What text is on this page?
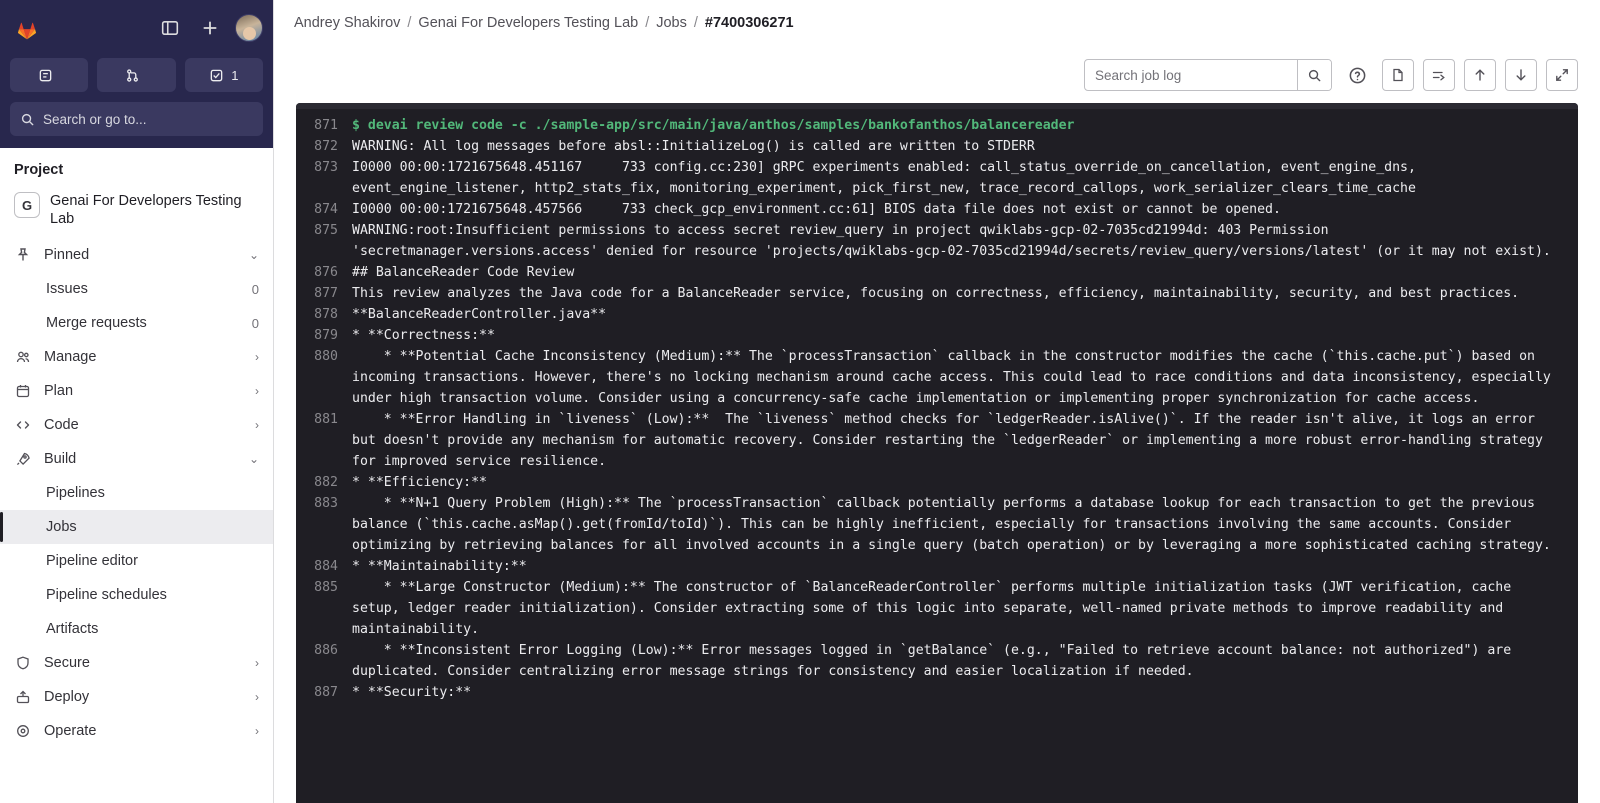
1
Search or go to...
Project
G	Genai For Developers Testing Lab
Pinned	⌄
Issues	0
Merge requests	0
Manage	›
Plan	›
Code	›
Build	⌄
Pipelines
Jobs
Pipeline editor
Pipeline schedules
Artifacts
Secure	›
Deploy	›
Operate	›
Andrey Shakirov / Genai For Developers Testing Lab / Jobs / #7400306271
Search job log
871	$ devai review code -c ./sample-app/src/main/java/anthos/samples/bankofanthos/balancereader
872	WARNING: All log messages before absl::InitializeLog() is called are written to STDERR
873	I0000 00:00:1721675648.451167     733 config.cc:230] gRPC experiments enabled: call_status_override_on_cancellation, event_engine_dns, event_engine_listener, http2_stats_fix, monitoring_experiment, pick_first_new, trace_record_callops, work_serializer_clears_time_cache
874	I0000 00:00:1721675648.457566     733 check_gcp_environment.cc:61] BIOS data file does not exist or cannot be opened.
875	WARNING:root:Insufficient permissions to access secret review_query in project qwiklabs-gcp-02-7035cd21994d: 403 Permission 'secretmanager.versions.access' denied for resource 'projects/qwiklabs-gcp-02-7035cd21994d/secrets/review_query/versions/latest' (or it may not exist).
876	## BalanceReader Code Review
877	This review analyzes the Java code for a BalanceReader service, focusing on correctness, efficiency, maintainability, security, and best practices.
878	**BalanceReaderController.java**
879	* **Correctness:**
880	* **Potential Cache Inconsistency (Medium):** The `processTransaction` callback in the constructor modifies the cache (`this.cache.put`) based on incoming transactions. However, there's no locking mechanism around cache access. This could lead to race conditions and data inconsistency, especially under high transaction volume. Consider using a concurrency-safe cache implementation or implementing proper synchronization for cache access.
881	* **Error Handling in `liveness` (Low):**  The `liveness` method checks for `ledgerReader.isAlive()`. If the reader isn't alive, it logs an error but doesn't provide any mechanism for automatic recovery. Consider restarting the `ledgerReader` or implementing a more robust error-handling strategy for improved service resilience.
882	* **Efficiency:**
883	* **N+1 Query Problem (High):** The `processTransaction` callback potentially performs a database lookup for each transaction to get the previous balance (`this.cache.asMap().get(fromId/toId)`). This can be highly inefficient, especially for transactions involving the same accounts. Consider optimizing by retrieving balances for all involved accounts in a single query (batch operation) or by leveraging a more sophisticated caching strategy.
884	* **Maintainability:**
885	* **Large Constructor (Medium):** The constructor of `BalanceReaderController` performs multiple initialization tasks (JWT verification, cache setup, ledger reader initialization). Consider extracting some of this logic into separate, well-named private methods to improve readability and maintainability.
886	* **Inconsistent Error Logging (Low):** Error messages logged in `getBalance` (e.g., "Failed to retrieve account balance: not authorized") are duplicated. Consider centralizing error message strings for consistency and easier localization if needed.
887	* **Security:**
